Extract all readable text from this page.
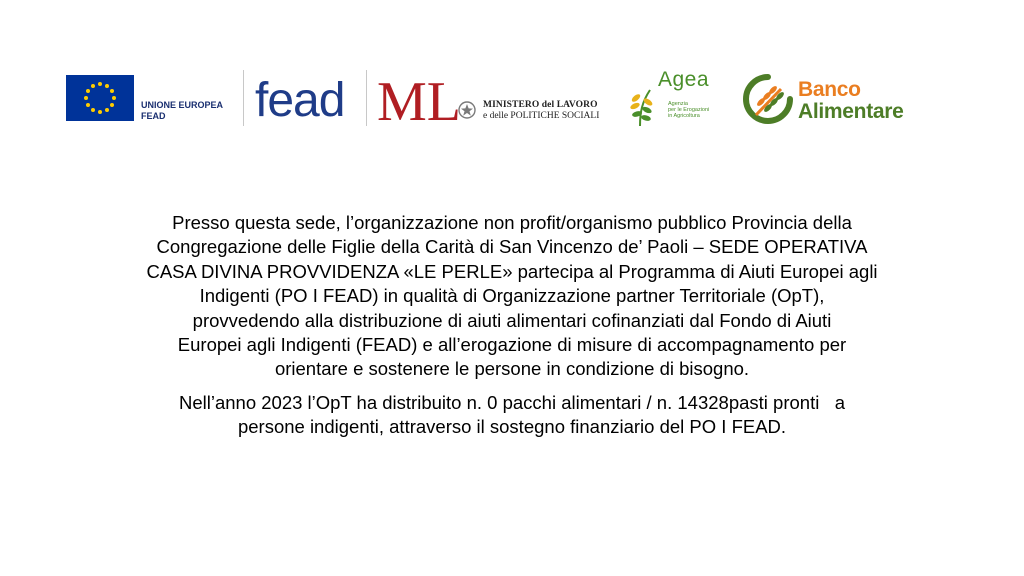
UNIONE EUROPEA
FEAD	fead ML MINISTERO del LAVORO
e delle POLITICHE SOCIALI
Agea
Agenzia
per le Erogazioni
in Agricoltura
Banco
Alimentare
Presso questa sede, l’organizzazione non profit/organismo pubblico Provincia della
Congregazione delle Figlie della Carità di San Vincenzo de’ Paoli – SEDE OPERATIVA
CASA DIVINA PROVVIDENZA «LE PERLE» partecipa al Programma di Aiuti Europei agli
Indigenti (PO I FEAD) in qualità di Organizzazione partner Territoriale (OpT),
provvedendo alla distribuzione di aiuti alimentari cofinanziati dal Fondo di Aiuti
Europei agli Indigenti (FEAD) e all’erogazione di misure di accompagnamento per
orientare e sostenere le persone in condizione di bisogno.
Nell’anno 2023 l’OpT ha distribuito n. 0 pacchi alimentari / n. 14328pasti pronti   a
persone indigenti, attraverso il sostegno finanziario del PO I FEAD.
